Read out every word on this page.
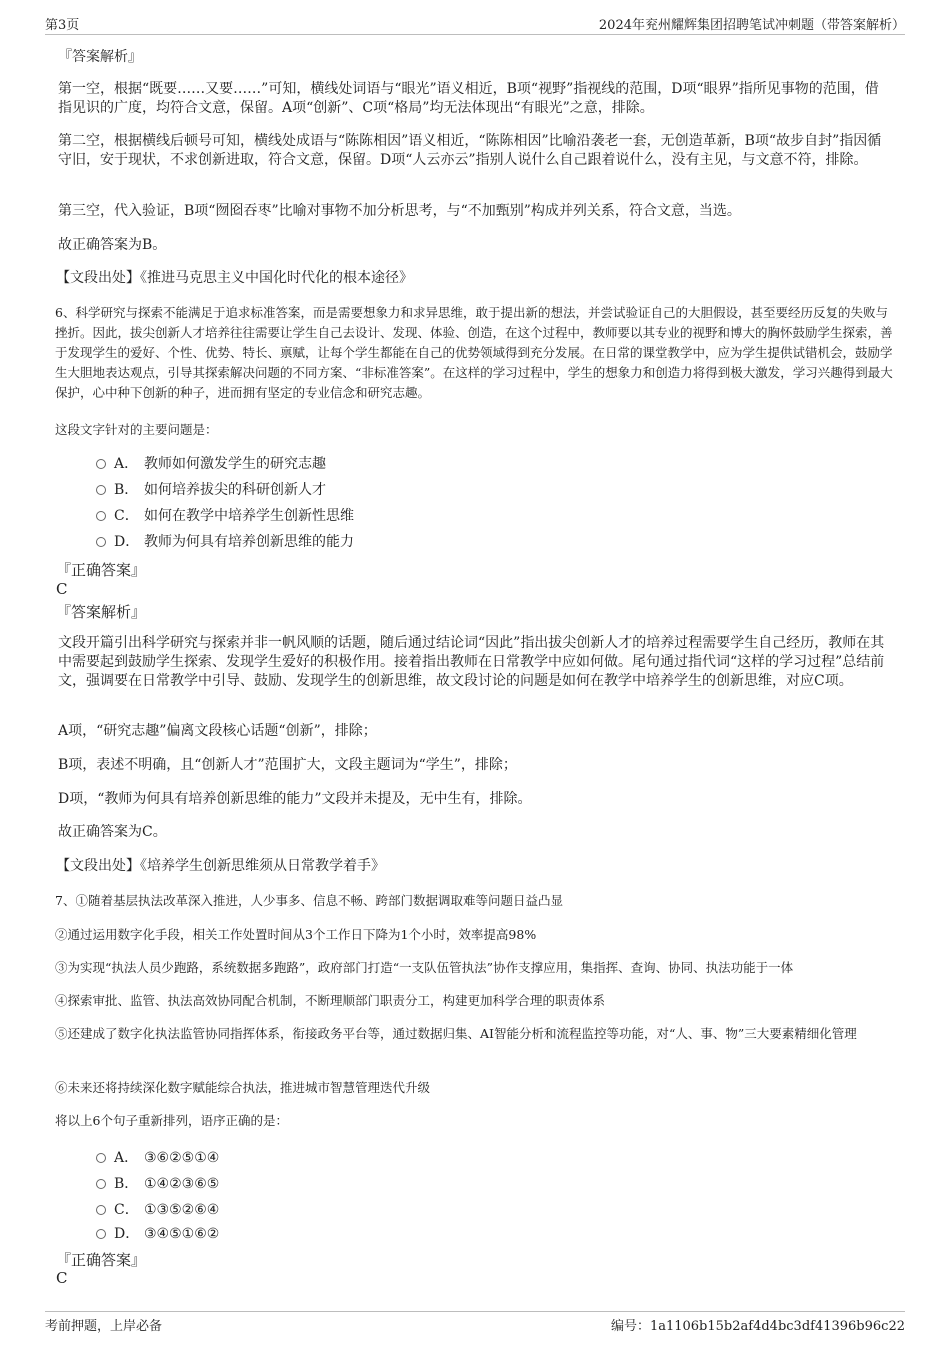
第3页	2024年兖州耀辉集团招聘笔试冲刺题（带答案解析）
『答案解析』
第一空，根据“既要……又要……”可知，横线处词语与“眼光”语义相近，B项“视野”指视线的范围，D项“眼界”指所见事物的范围，借指见识的广度，均符合文意，保留。A项“创新”、C项“格局”均无法体现出“有眼光”之意，排除。
第二空，根据横线后顿号可知，横线处成语与“陈陈相因”语义相近，“陈陈相因”比喻沿袭老一套，无创造革新，B项“故步自封”指因循守旧，安于现状，不求创新进取，符合文意，保留。D项“人云亦云”指别人说什么自己跟着说什么，没有主见，与文意不符，排除。
第三空，代入验证，B项“囫囵吞枣”比喻对事物不加分析思考，与“不加甄别”构成并列关系，符合文意，当选。
故正确答案为B。
【文段出处】《推进马克思主义中国化时代化的根本途径》
6、科学研究与探索不能满足于追求标准答案，而是需要想象力和求异思维，敢于提出新的想法，并尝试验证自己的大胆假设，甚至要经历反复的失败与挫折。因此，拔尖创新人才培养往往需要让学生自己去设计、发现、体验、创造，在这个过程中，教师要以其专业的视野和博大的胸怀鼓励学生探索，善于发现学生的爱好、个性、优势、特长、禀赋，让每个学生都能在自己的优势领域得到充分发展。在日常的课堂教学中，应为学生提供试错机会，鼓励学生大胆地表达观点，引导其探索解决问题的不同方案、“非标准答案”。在这样的学习过程中，学生的想象力和创造力将得到极大激发，学习兴趣得到最大保护，心中种下创新的种子，进而拥有坚定的专业信念和研究志趣。
这段文字针对的主要问题是：
A． 教师如何激发学生的研究志趣
B． 如何培养拔尖的科研创新人才
C． 如何在教学中培养学生创新性思维
D． 教师为何具有培养创新思维的能力
『正确答案』
C
『答案解析』
文段开篇引出科学研究与探索并非一帆风顺的话题，随后通过结论词“因此”指出拔尖创新人才的培养过程需要学生自己经历，教师在其中需要起到鼓励学生探索、发现学生爱好的积极作用。接着指出教师在日常教学中应如何做。尾句通过指代词“这样的学习过程”总结前文，强调要在日常教学中引导、鼓励、发现学生的创新思维，故文段讨论的问题是如何在教学中培养学生的创新思维，对应C项。
A项，“研究志趣”偏离文段核心话题“创新”，排除；
B项，表述不明确，且“创新人才”范围扩大，文段主题词为“学生”，排除；
D项，“教师为何具有培养创新思维的能力”文段并未提及，无中生有，排除。
故正确答案为C。
【文段出处】《培养学生创新思维须从日常教学着手》
7、①随着基层执法改革深入推进，人少事多、信息不畅、跨部门数据调取难等问题日益凸显
②通过运用数字化手段，相关工作处置时间从3个工作日下降为1个小时，效率提高98%
③为实现“执法人员少跑路，系统数据多跑路”，政府部门打造“一支队伍管执法”协作支撑应用，集指挥、查询、协同、执法功能于一体
④探索审批、监管、执法高效协同配合机制，不断理顺部门职责分工，构建更加科学合理的职责体系
⑤还建成了数字化执法监管协同指挥体系，衔接政务平台等，通过数据归集、AI智能分析和流程监控等功能，对“人、事、物”三大要素精细化管理
⑥未来还将持续深化数字赋能综合执法，推进城市智慧管理迭代升级
将以上6个句子重新排列，语序正确的是：
A． ③⑥②⑤①④
B． ①④②③⑥⑤
C． ①③⑤②⑥④
D． ③④⑤①⑥②
『正确答案』
C
考前押题，上岸必备	编号：1a1106b15b2af4d4bc3df41396b96c22
